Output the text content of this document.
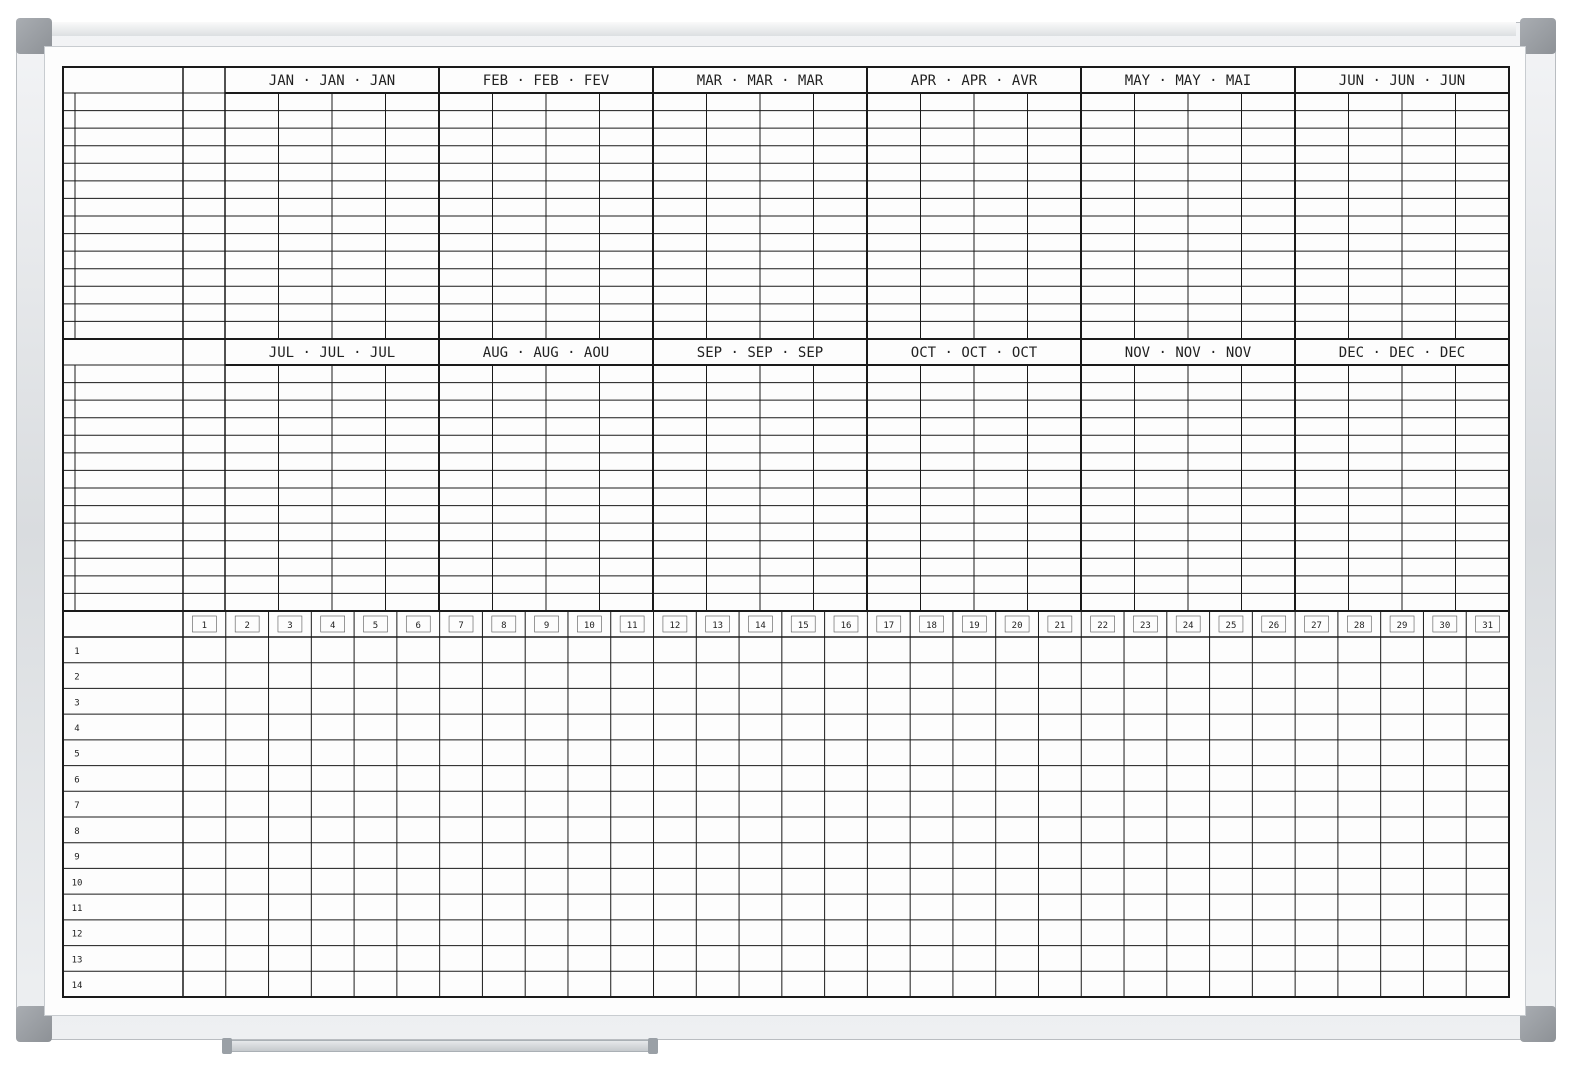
JAN · JAN · JAN	FEB · FEB · FEV	MAR · MAR · MAR	APR · APR · AVR	MAY · MAY · MAI	JUN · JUN · JUN
JUL · JUL · JUL	AUG · AUG · AOU	SEP · SEP · SEP	OCT · OCT · OCT	NOV · NOV · NOV	DEC · DEC · DEC
1	2	3	4	5	6	7	8	9	10	11	12	13	14	15	16	17	18	19	20	21	22	23	24	25	26	27	28	29	30	31
1
2
3
4
5
6
7
8
9
10
11
12
13
14
